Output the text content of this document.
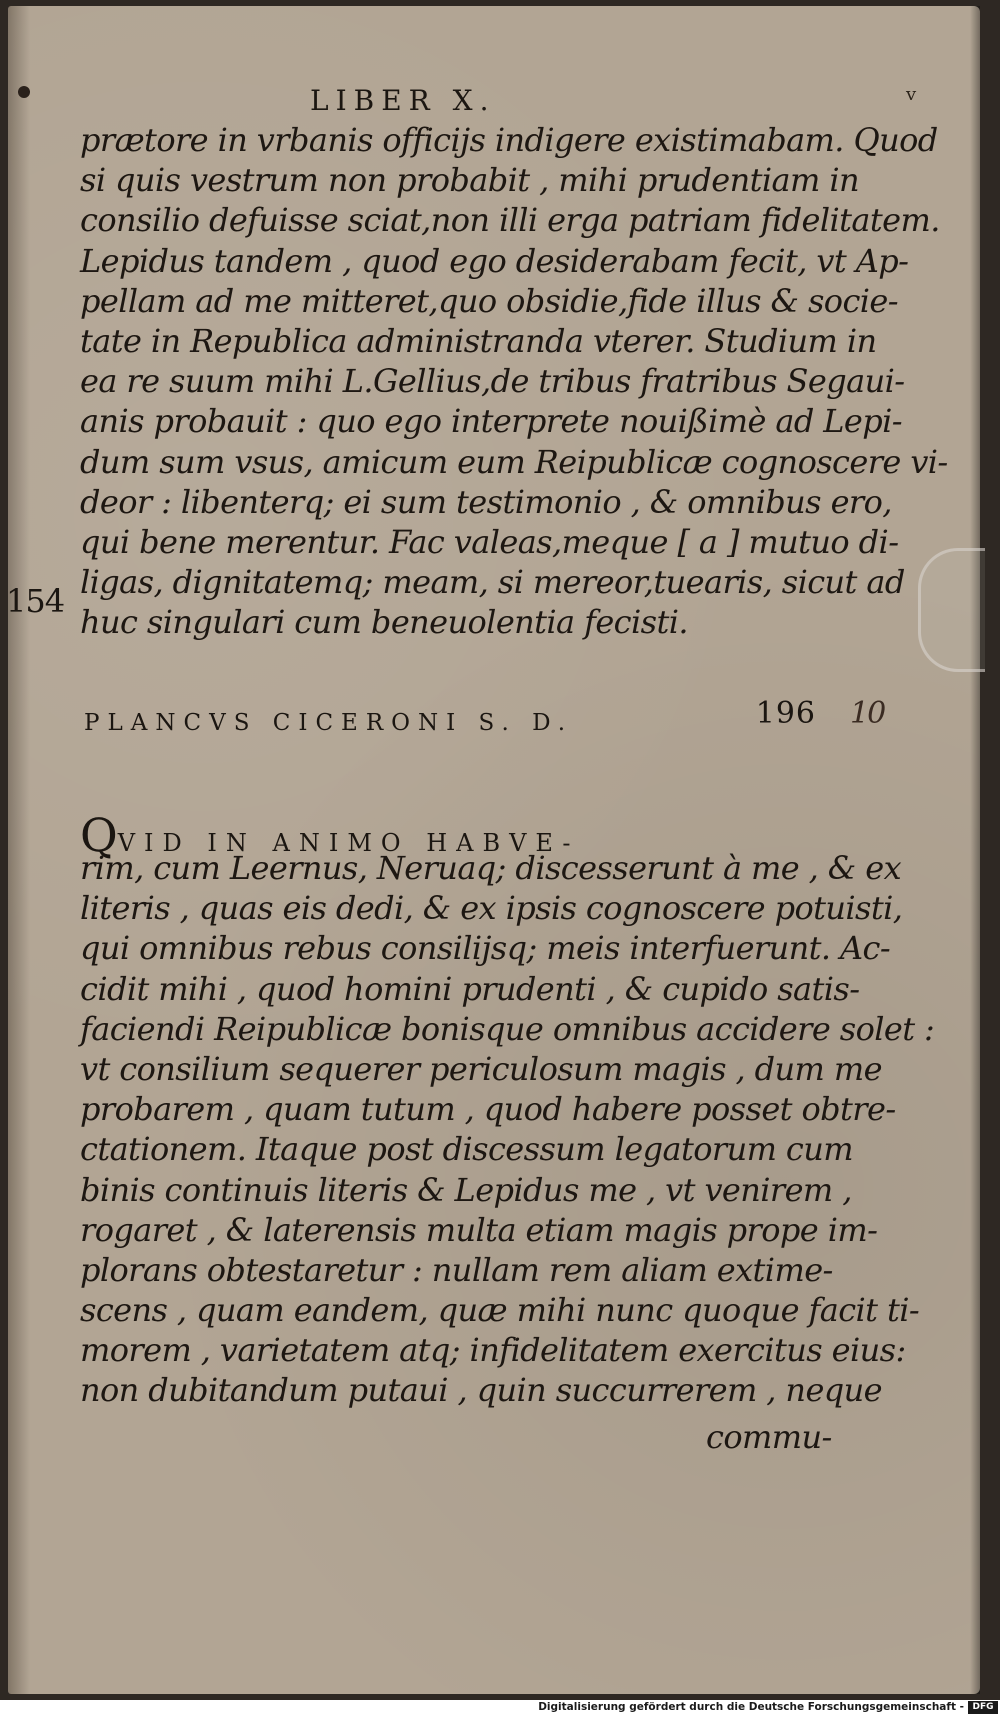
LIBER X.	v
prætore in vrbanis officijs indigere existimabam. Quod
si quis vestrum non probabit , mihi prudentiam in
consilio defuisse sciat,non illi erga patriam fidelitatem.
Lepidus tandem , quod ego desiderabam fecit, vt Ap-
pellam ad me mitteret,quo obsidie,fide illus & socie-
tate in Republica administranda vterer. Studium in
ea re suum mihi L.Gellius,de tribus fratribus Segaui-
anis probauit : quo ego interprete nouißimè ad Lepi-
dum sum vsus, amicum eum Reipublicæ cognoscere vi-
deor : libenterq; ei sum testimonio , & omnibus ero,
qui bene merentur. Fac valeas,meque [ a ] mutuo di-
ligas, dignitatemq; meam, si mereor,tuearis, sicut ad
huc singulari cum beneuolentia fecisti.
154
PLANCVS CICERONI S. D.	196 10
QVID IN ANIMO HABVE-
rim, cum Leernus, Neruaq; discesserunt à me , & ex
literis , quas eis dedi, & ex ipsis cognoscere potuisti,
qui omnibus rebus consilijsq; meis interfuerunt. Ac-
cidit mihi , quod homini prudenti , & cupido satis-
faciendi Reipublicæ bonisque omnibus accidere solet :
vt consilium sequerer periculosum magis , dum me
probarem , quam tutum , quod habere posset obtre-
ctationem. Itaque post discessum legatorum cum
binis continuis literis & Lepidus me , vt venirem ,
rogaret , & laterensis multa etiam magis prope im-
plorans obtestaretur : nullam rem aliam extime-
scens , quam eandem, quæ mihi nunc quoque facit ti-
morem , varietatem atq; infidelitatem exercitus eius:
non dubitandum putaui , quin succurrerem , neque
commu-
Digitalisierung gefördert durch die Deutsche Forschungsgemeinschaft - DFG
